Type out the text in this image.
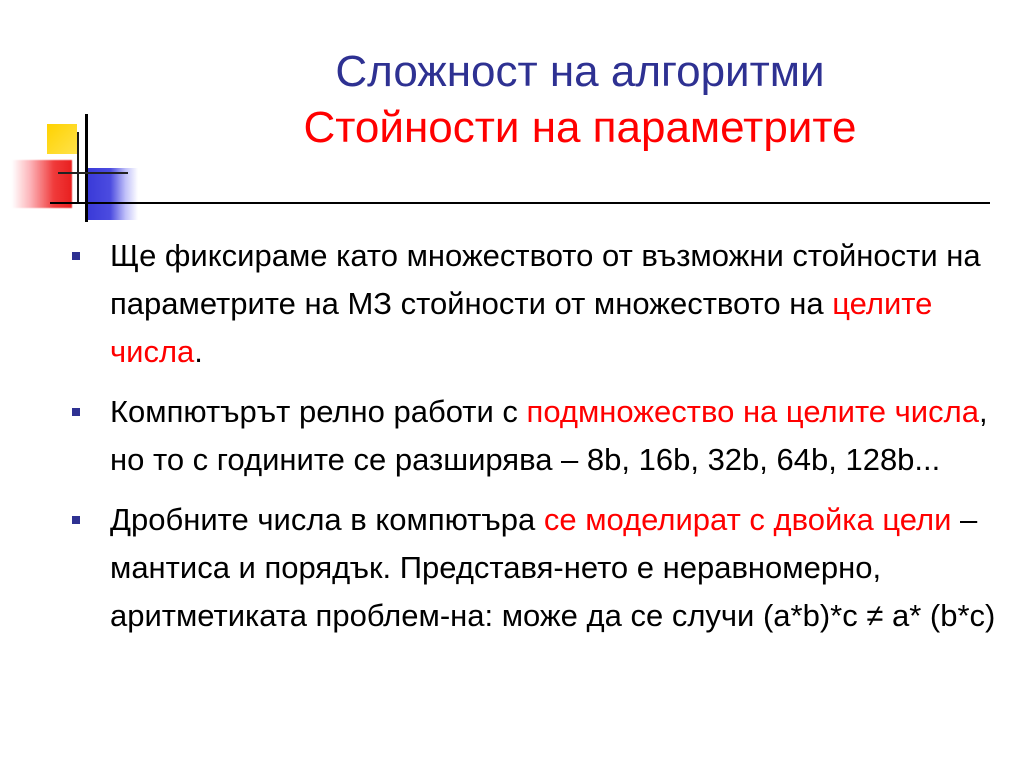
Сложност на алгоритми
Стойности на параметрите
Ще фиксираме като множеството от възможни стойности на параметрите на МЗ стойности от множеството на целите числа.
Компютърът релно работи с подмножество на целите числа, но то с годините се разширява – 8b, 16b, 32b, 64b, 128b...
Дробните числа в компютъра се моделират с двойка цели – мантиса и порядък. Представя-нето е неравномерно, аритметиката проблем-на: може да се случи (a*b)*c ≠ a* (b*c)
